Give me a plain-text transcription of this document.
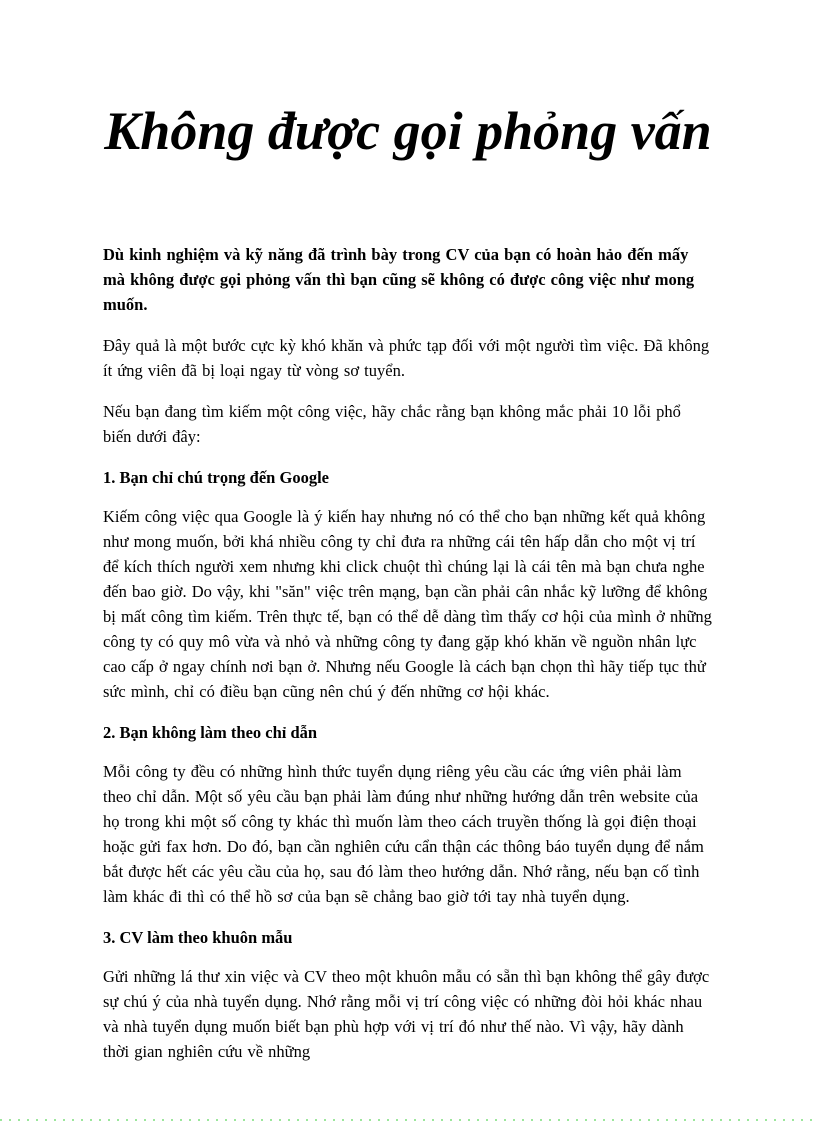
Không được gọi phỏng vấn

Dù kinh nghiệm và kỹ năng đã trình bày trong CV của bạn có hoàn hảo đến mấy mà không được gọi phỏng vấn thì bạn cũng sẽ không có được công việc như mong muốn.

Đây quả là một bước cực kỳ khó khăn và phức tạp đối với một người tìm việc. Đã không ít ứng viên đã bị loại ngay từ vòng sơ tuyển.

Nếu bạn đang tìm kiếm một công việc, hãy chắc rằng bạn không mắc phải 10 lỗi phổ biến dưới đây:

1. Bạn chỉ chú trọng đến Google

Kiếm công việc qua Google là ý kiến hay nhưng nó có thể cho bạn những kết quả không như mong muốn, bởi khá nhiều công ty chỉ đưa ra những cái tên hấp dẫn cho một vị trí để kích thích người xem nhưng khi click chuột thì chúng lại là cái tên mà bạn chưa nghe đến bao giờ. Do vậy, khi "săn" việc trên mạng, bạn cần phải cân nhắc kỹ lưỡng để không bị mất công tìm kiếm. Trên thực tế, bạn có thể dễ dàng tìm thấy cơ hội của mình ở những công ty có quy mô vừa và nhỏ và những công ty đang gặp khó khăn về nguồn nhân lực cao cấp ở ngay chính nơi bạn ở. Nhưng nếu Google là cách bạn chọn thì hãy tiếp tục thử sức mình, chỉ có điều bạn cũng nên chú ý đến những cơ hội khác.

2. Bạn không làm theo chỉ dẫn

Mỗi công ty đều có những hình thức tuyển dụng riêng yêu cầu các ứng viên phải làm theo chỉ dẫn. Một số yêu cầu bạn phải làm đúng như những hướng dẫn trên website của họ trong khi một số công ty khác thì muốn làm theo cách truyền thống là gọi điện thoại hoặc gửi fax hơn. Do đó, bạn cần nghiên cứu cẩn thận các thông báo tuyển dụng để nắm bắt được hết các yêu cầu của họ, sau đó làm theo hướng dẫn. Nhớ rằng, nếu bạn cố tình làm khác đi thì có thể hồ sơ của bạn sẽ chẳng bao giờ tới tay nhà tuyển dụng.

3. CV làm theo khuôn mẫu

Gửi những lá thư xin việc và CV theo một khuôn mẫu có sẵn thì bạn không thể gây được sự chú ý của nhà tuyển dụng. Nhớ rằng mỗi vị trí công việc có những đòi hỏi khác nhau và nhà tuyển dụng muốn biết bạn phù hợp với vị trí đó như thế nào. Vì vậy, hãy dành thời gian nghiên cứu về những
